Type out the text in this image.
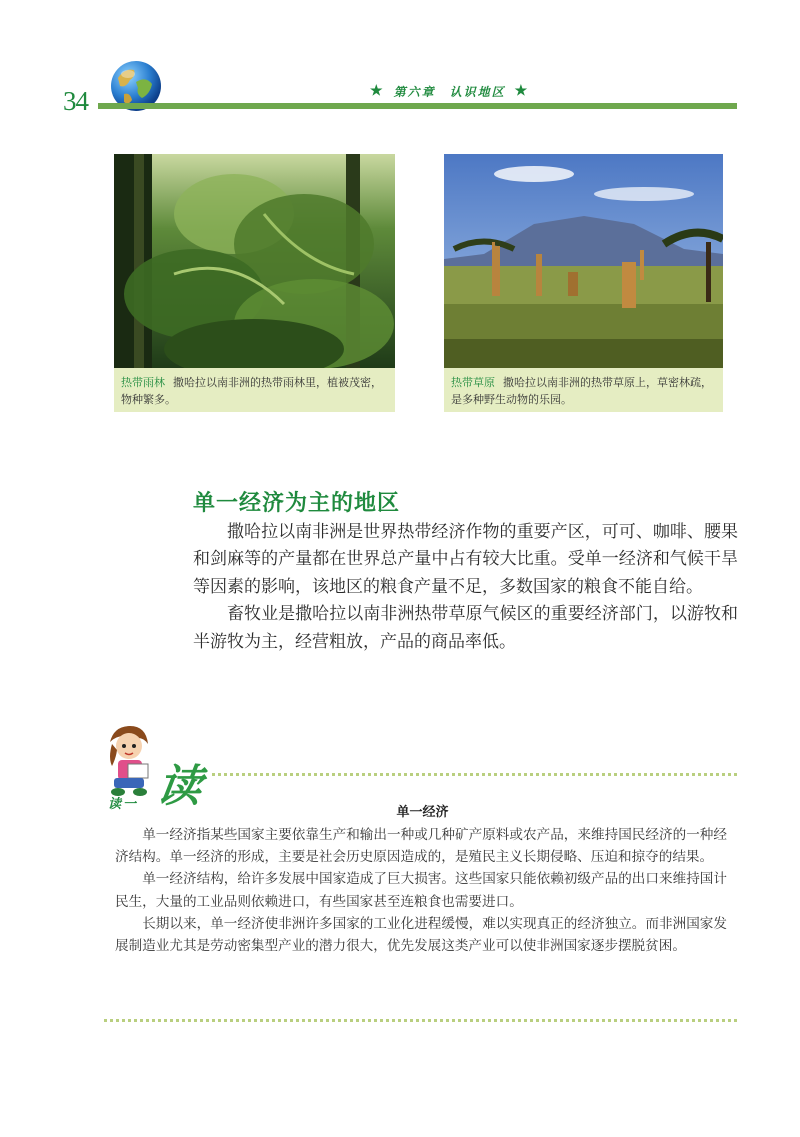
34	★ 第六章　认识地区 ★
热带雨林 撒哈拉以南非洲的热带雨林里，植被茂密，物种繁多。
热带草原 撒哈拉以南非洲的热带草原上，草密林疏，是多种野生动物的乐园。
单一经济为主的地区

撒哈拉以南非洲是世界热带经济作物的重要产区，可可、咖啡、腰果和剑麻等的产量都在世界总产量中占有较大比重。受单一经济和气候干旱等因素的影响，该地区的粮食产量不足，多数国家的粮食不能自给。

畜牧业是撒哈拉以南非洲热带草原气候区的重要经济部门，以游牧和半游牧为主，经营粗放，产品的商品率低。

读一 读
单一经济

单一经济指某些国家主要依靠生产和输出一种或几种矿产原料或农产品，来维持国民经济的一种经济结构。单一经济的形成，主要是社会历史原因造成的，是殖民主义长期侵略、压迫和掠夺的结果。

单一经济结构，给许多发展中国家造成了巨大损害。这些国家只能依赖初级产品的出口来维持国计民生，大量的工业品则依赖进口，有些国家甚至连粮食也需要进口。

长期以来，单一经济使非洲许多国家的工业化进程缓慢，难以实现真正的经济独立。而非洲国家发展制造业尤其是劳动密集型产业的潜力很大，优先发展这类产业可以使非洲国家逐步摆脱贫困。
